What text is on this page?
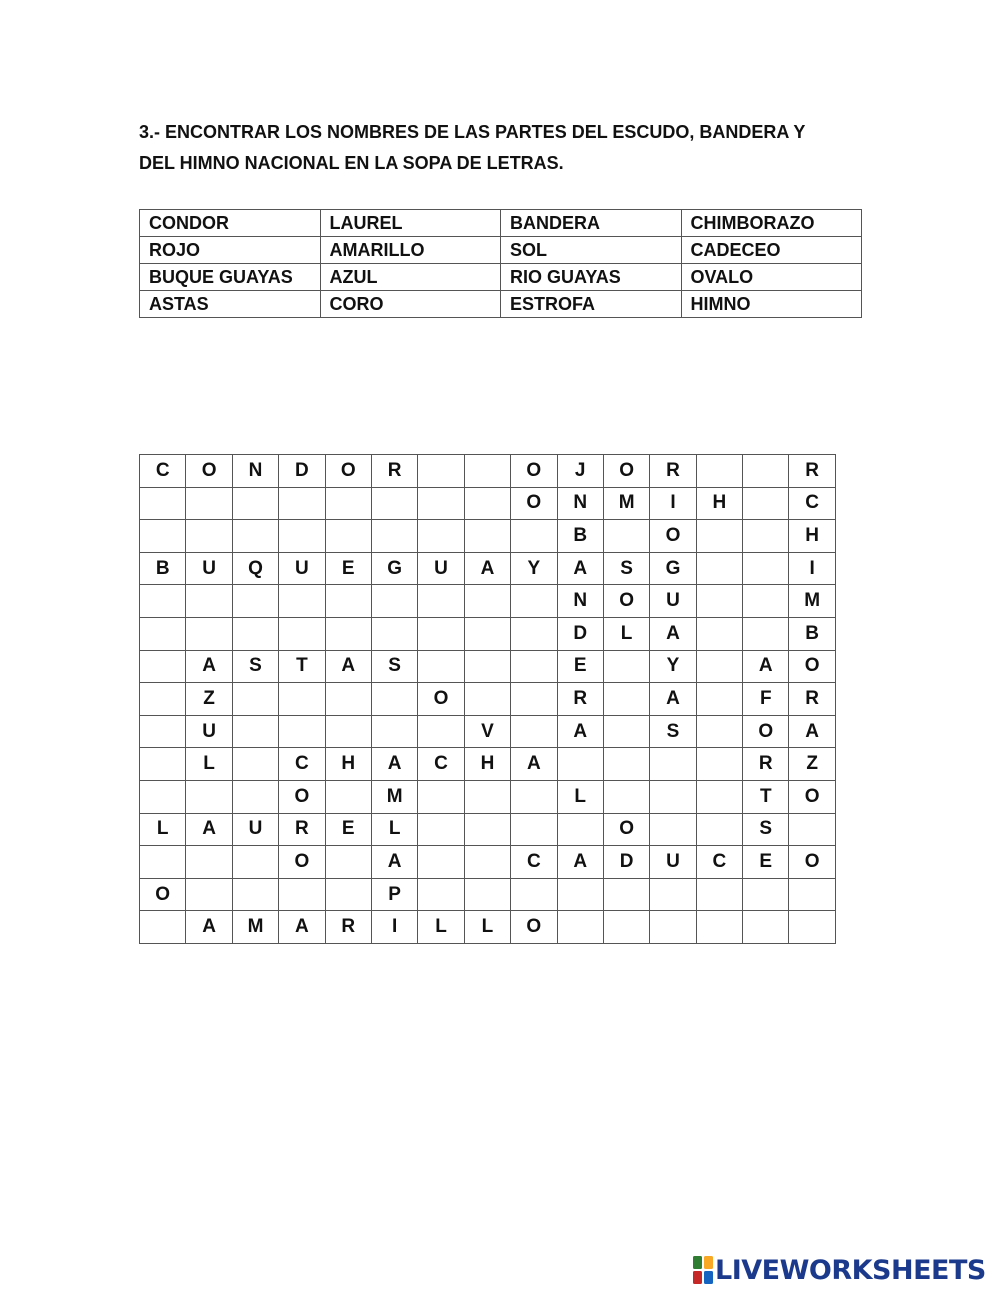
3.- ENCONTRAR LOS NOMBRES DE LAS PARTES DEL ESCUDO, BANDERA Y
DEL HIMNO NACIONAL EN LA SOPA DE LETRAS.
CONDOR	LAUREL	BANDERA	CHIMBORAZO
ROJO	AMARILLO	SOL	CADECEO
BUQUE GUAYAS	AZUL	RIO GUAYAS	OVALO
ASTAS	CORO	ESTROFA	HIMNO
C	O	N	D	O	R			O	J	O	R			R
								O	N	M	I	H		C
									B		O			H
B	U	Q	U	E	G	U	A	Y	A	S	G			I
									N	O	U			M
									D	L	A			B
	A	S	T	A	S				E		Y		A	O
	Z					O			R		A		F	R
	U						V		A		S		O	A
	L		C	H	A	C	H	A					R	Z
			O		M				L				T	O
L	A	U	R	E	L					O			S	
			O		A			C	A	D	U	C	E	O
O					P									
	A	M	A	R	I	L	L	O						
LIVEWORKSHEETS
